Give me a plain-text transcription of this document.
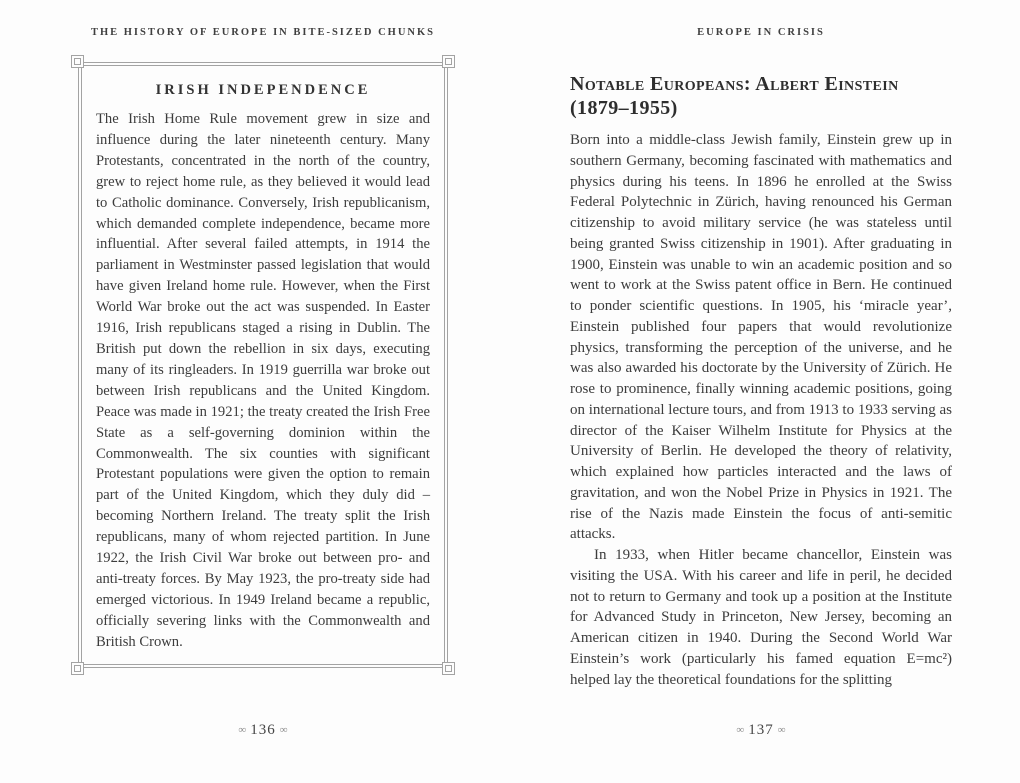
THE HISTORY OF EUROPE IN BITE-SIZED CHUNKS	EUROPE IN CRISIS
IRISH INDEPENDENCE
The Irish Home Rule movement grew in size and influence during the later nineteenth century. Many Protestants, concentrated in the north of the country, grew to reject home rule, as they believed it would lead to Catholic dominance. Conversely, Irish republicanism, which demanded complete independence, became more influential. After several failed attempts, in 1914 the parliament in Westminster passed legislation that would have given Ireland home rule. However, when the First World War broke out the act was suspended. In Easter 1916, Irish republicans staged a rising in Dublin. The British put down the rebellion in six days, executing many of its ringleaders. In 1919 guerrilla war broke out between Irish republicans and the United Kingdom. Peace was made in 1921; the treaty created the Irish Free State as a self-governing dominion within the Commonwealth. The six counties with significant Protestant populations were given the option to remain part of the United Kingdom, which they duly did – becoming Northern Ireland. The treaty split the Irish republicans, many of whom rejected partition. In June 1922, the Irish Civil War broke out between pro- and anti-treaty forces. By May 1923, the pro-treaty side had emerged victorious. In 1949 Ireland became a republic, officially severing links with the Commonwealth and British Crown.
Notable Europeans: Albert Einstein
(1879–1955)

Born into a middle-class Jewish family, Einstein grew up in southern Germany, becoming fascinated with mathematics and physics during his teens. In 1896 he enrolled at the Swiss Federal Polytechnic in Zürich, having renounced his German citizenship to avoid military service (he was stateless until being granted Swiss citizenship in 1901). After graduating in 1900, Einstein was unable to win an academic position and so went to work at the Swiss patent office in Bern. He continued to ponder scientific questions. In 1905, his ‘miracle year’, Einstein published four papers that would revolutionize physics, transforming the perception of the universe, and he was also awarded his doctorate by the University of Zürich. He rose to prominence, finally winning academic positions, going on international lecture tours, and from 1913 to 1933 serving as director of the Kaiser Wilhelm Institute for Physics at the University of Berlin. He developed the theory of relativity, which explained how particles interacted and the laws of gravitation, and won the Nobel Prize in Physics in 1921. The rise of the Nazis made Einstein the focus of anti-semitic attacks.

In 1933, when Hitler became chancellor, Einstein was visiting the USA. With his career and life in peril, he decided not to return to Germany and took up a position at the Institute for Advanced Study in Princeton, New Jersey, becoming an American citizen in 1940. During the Second World War Einstein’s work (particularly his famed equation E=mc²) helped lay the theoretical foundations for the splitting

∞ 136 ∞	∞ 137 ∞
